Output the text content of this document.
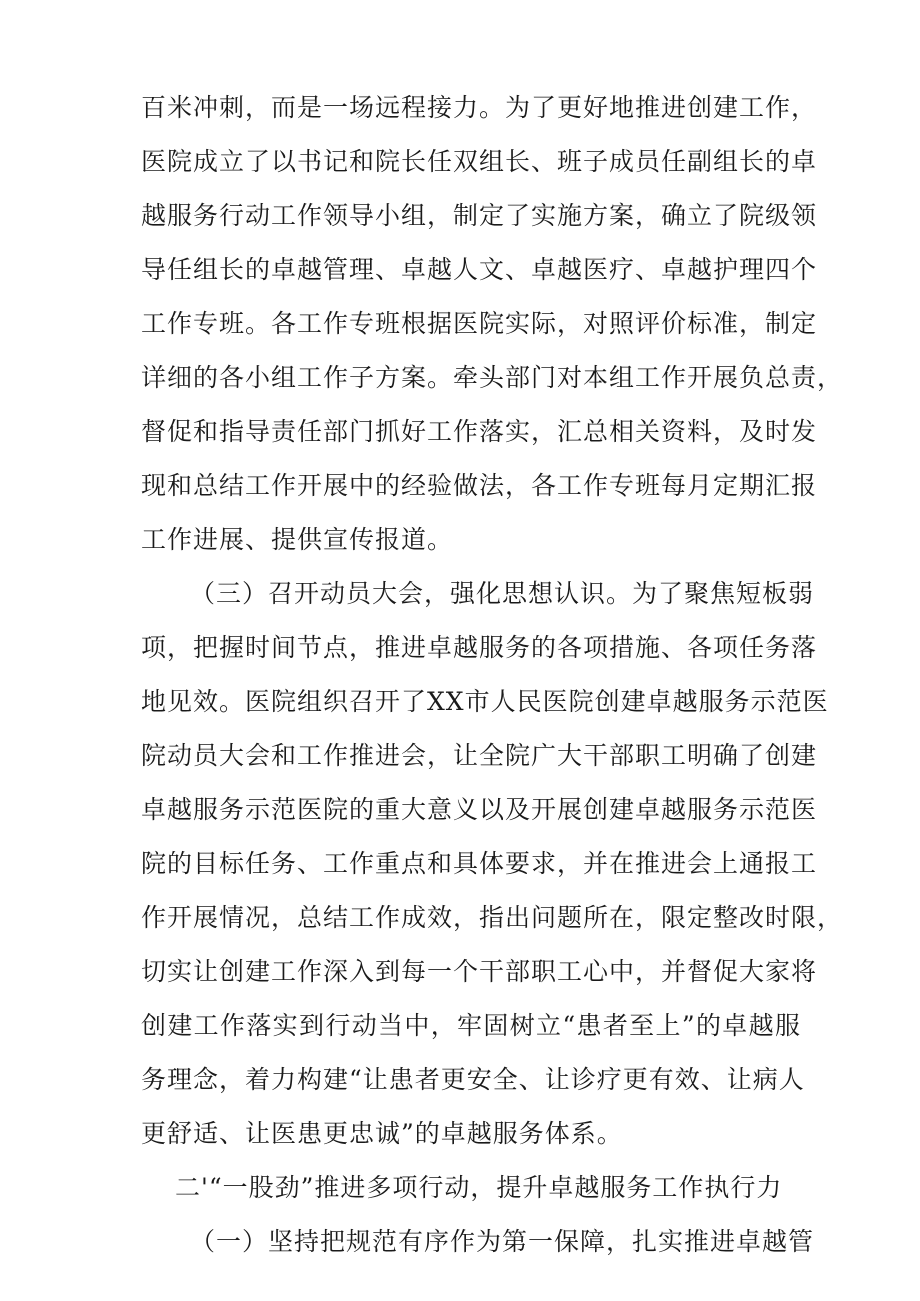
百米冲刺，而是一场远程接力。为了更好地推进创建工作，
医院成立了以书记和院长任双组长、班子成员任副组长的卓
越服务行动工作领导小组，制定了实施方案，确立了院级领
导任组长的卓越管理、卓越人文、卓越医疗、卓越护理四个
工作专班。各工作专班根据医院实际，对照评价标准，制定
详细的各小组工作子方案。牵头部门对本组工作开展负总责，
督促和指导责任部门抓好工作落实，汇总相关资料，及时发
现和总结工作开展中的经验做法，各工作专班每月定期汇报
工作进展、提供宣传报道。
（三）召开动员大会，强化思想认识。为了聚焦短板弱
项，把握时间节点，推进卓越服务的各项措施、各项任务落
地见效。医院组织召开了XX市人民医院创建卓越服务示范医
院动员大会和工作推进会，让全院广大干部职工明确了创建
卓越服务示范医院的重大意义以及开展创建卓越服务示范医
院的目标任务、工作重点和具体要求，并在推进会上通报工
作开展情况，总结工作成效，指出问题所在，限定整改时限，
切实让创建工作深入到每一个干部职工心中，并督促大家将
创建工作落实到行动当中，牢固树立“患者至上”的卓越服
务理念，着力构建“让患者更安全、让诊疗更有效、让病人
更舒适、让医患更忠诚”的卓越服务体系。
二'“一股劲”推进多项行动，提升卓越服务工作执行力
（一）坚持把规范有序作为第一保障，扎实推进卓越管
